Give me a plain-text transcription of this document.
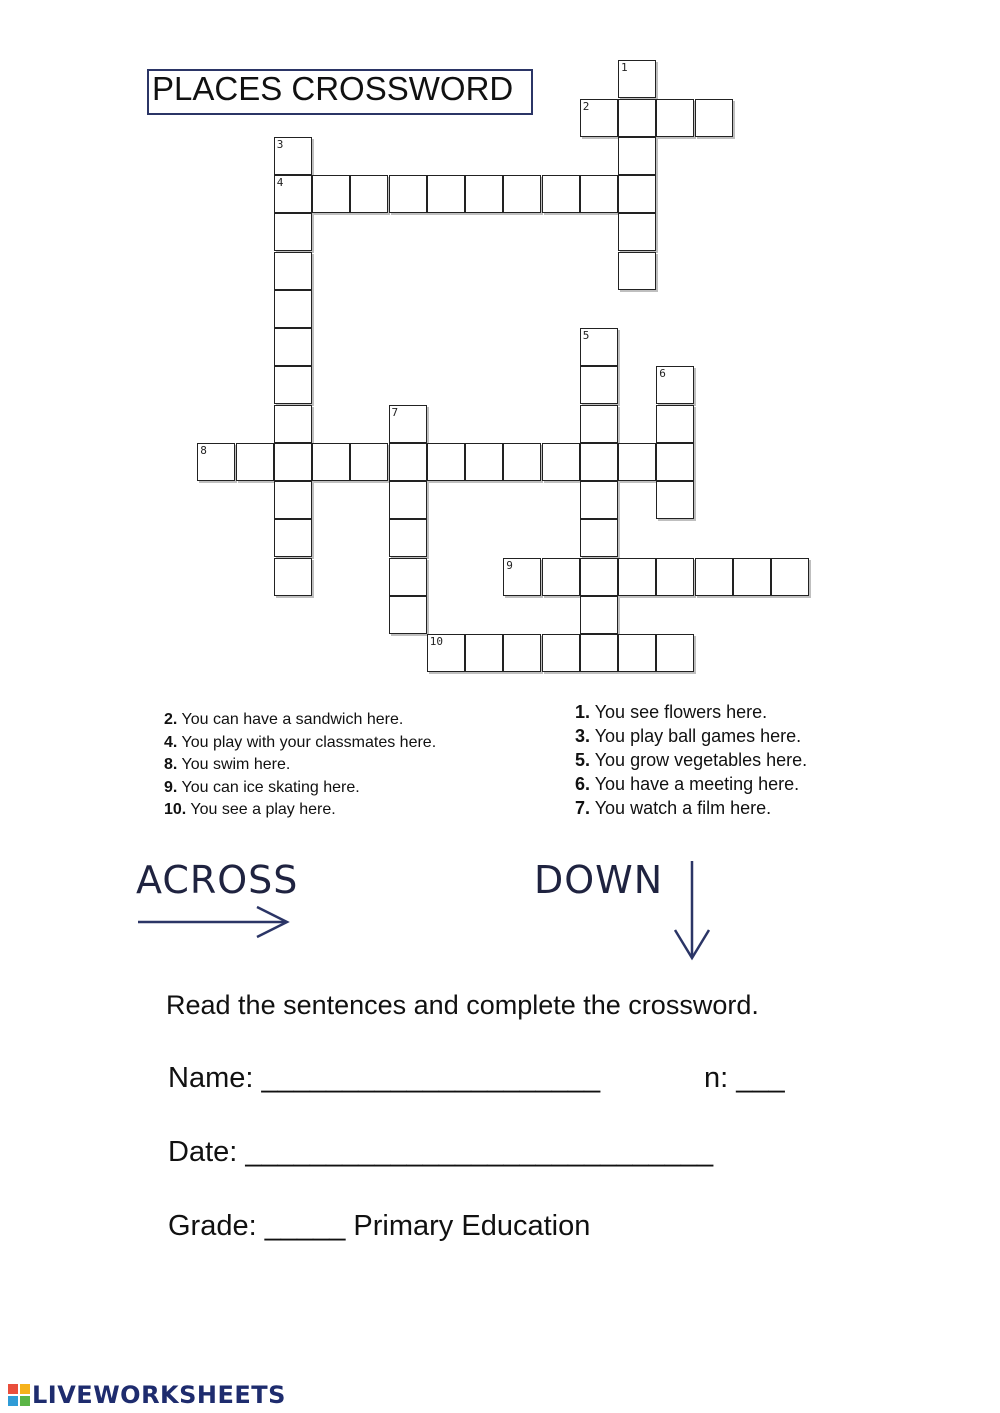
PLACES CROSSWORD
1
2
3
4
5
6
7
8
9
10
2. You can have a sandwich here.
4. You play with your classmates here.
8. You swim here.
9. You can ice skating here.
10. You see a play here.
1. You see flowers here.
3. You play ball games here.
5. You grow vegetables here.
6. You have a meeting here.
7. You watch a film here.
ACROSS	DOWN
Read the sentences and complete the crossword.
Name: _____________________	n: ___
Date: _____________________________
Grade: _____ Primary Education
LIVEWORKSHEETS
